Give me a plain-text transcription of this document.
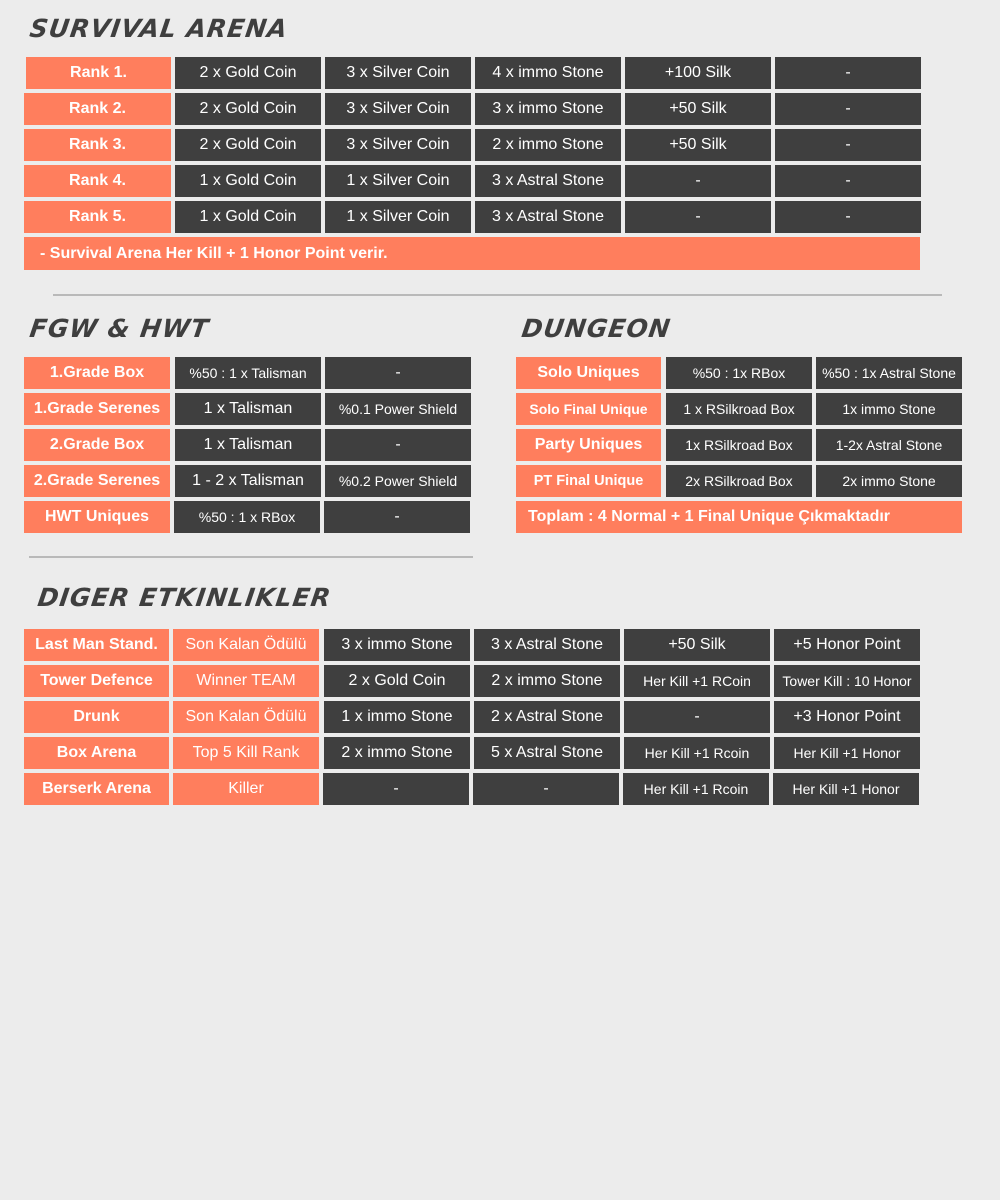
SURVIVAL ARENA
Rank 1.	2 x Gold Coin	3 x Silver Coin	4 x immo Stone	+100 Silk	-
Rank 2.	2 x Gold Coin	3 x Silver Coin	3 x immo Stone	+50 Silk	-
Rank 3.	2 x Gold Coin	3 x Silver Coin	2 x immo Stone	+50 Silk	-
Rank 4.	1 x Gold Coin	1 x Silver Coin	3 x Astral Stone	-	-
Rank 5.	1 x Gold Coin	1 x Silver Coin	3 x Astral Stone	-	-
- Survival Arena Her Kill + 1 Honor Point verir.
FGW & HWT
1.Grade Box	%50 : 1 x Talisman	-
1.Grade Serenes	1 x Talisman	%0.1 Power Shield
2.Grade Box	1 x Talisman	-
2.Grade Serenes	1 - 2 x Talisman	%0.2 Power Shield
HWT Uniques	%50 : 1 x RBox	-
DUNGEON
Solo Uniques	%50 : 1x RBox	%50 : 1x Astral Stone
Solo Final Unique	1 x RSilkroad Box	1x immo Stone
Party Uniques	1x RSilkroad Box	1-2x Astral Stone
PT Final Unique	2x RSilkroad Box	2x immo Stone
Toplam : 4 Normal + 1 Final Unique Çıkmaktadır
DIGER ETKINLIKLER
Last Man Stand.	Son Kalan Ödülü	3 x immo Stone	3 x Astral Stone	+50 Silk	+5 Honor Point
Tower Defence	Winner TEAM	2 x Gold Coin	2 x immo Stone	Her Kill +1 RCoin	Tower Kill : 10 Honor
Drunk	Son Kalan Ödülü	1 x immo Stone	2 x Astral Stone	-	+3 Honor Point
Box Arena	Top 5 Kill Rank	2 x immo Stone	5 x Astral Stone	Her Kill +1 Rcoin	Her Kill +1 Honor
Berserk Arena	Killer	-	-	Her Kill +1 Rcoin	Her Kill +1 Honor
